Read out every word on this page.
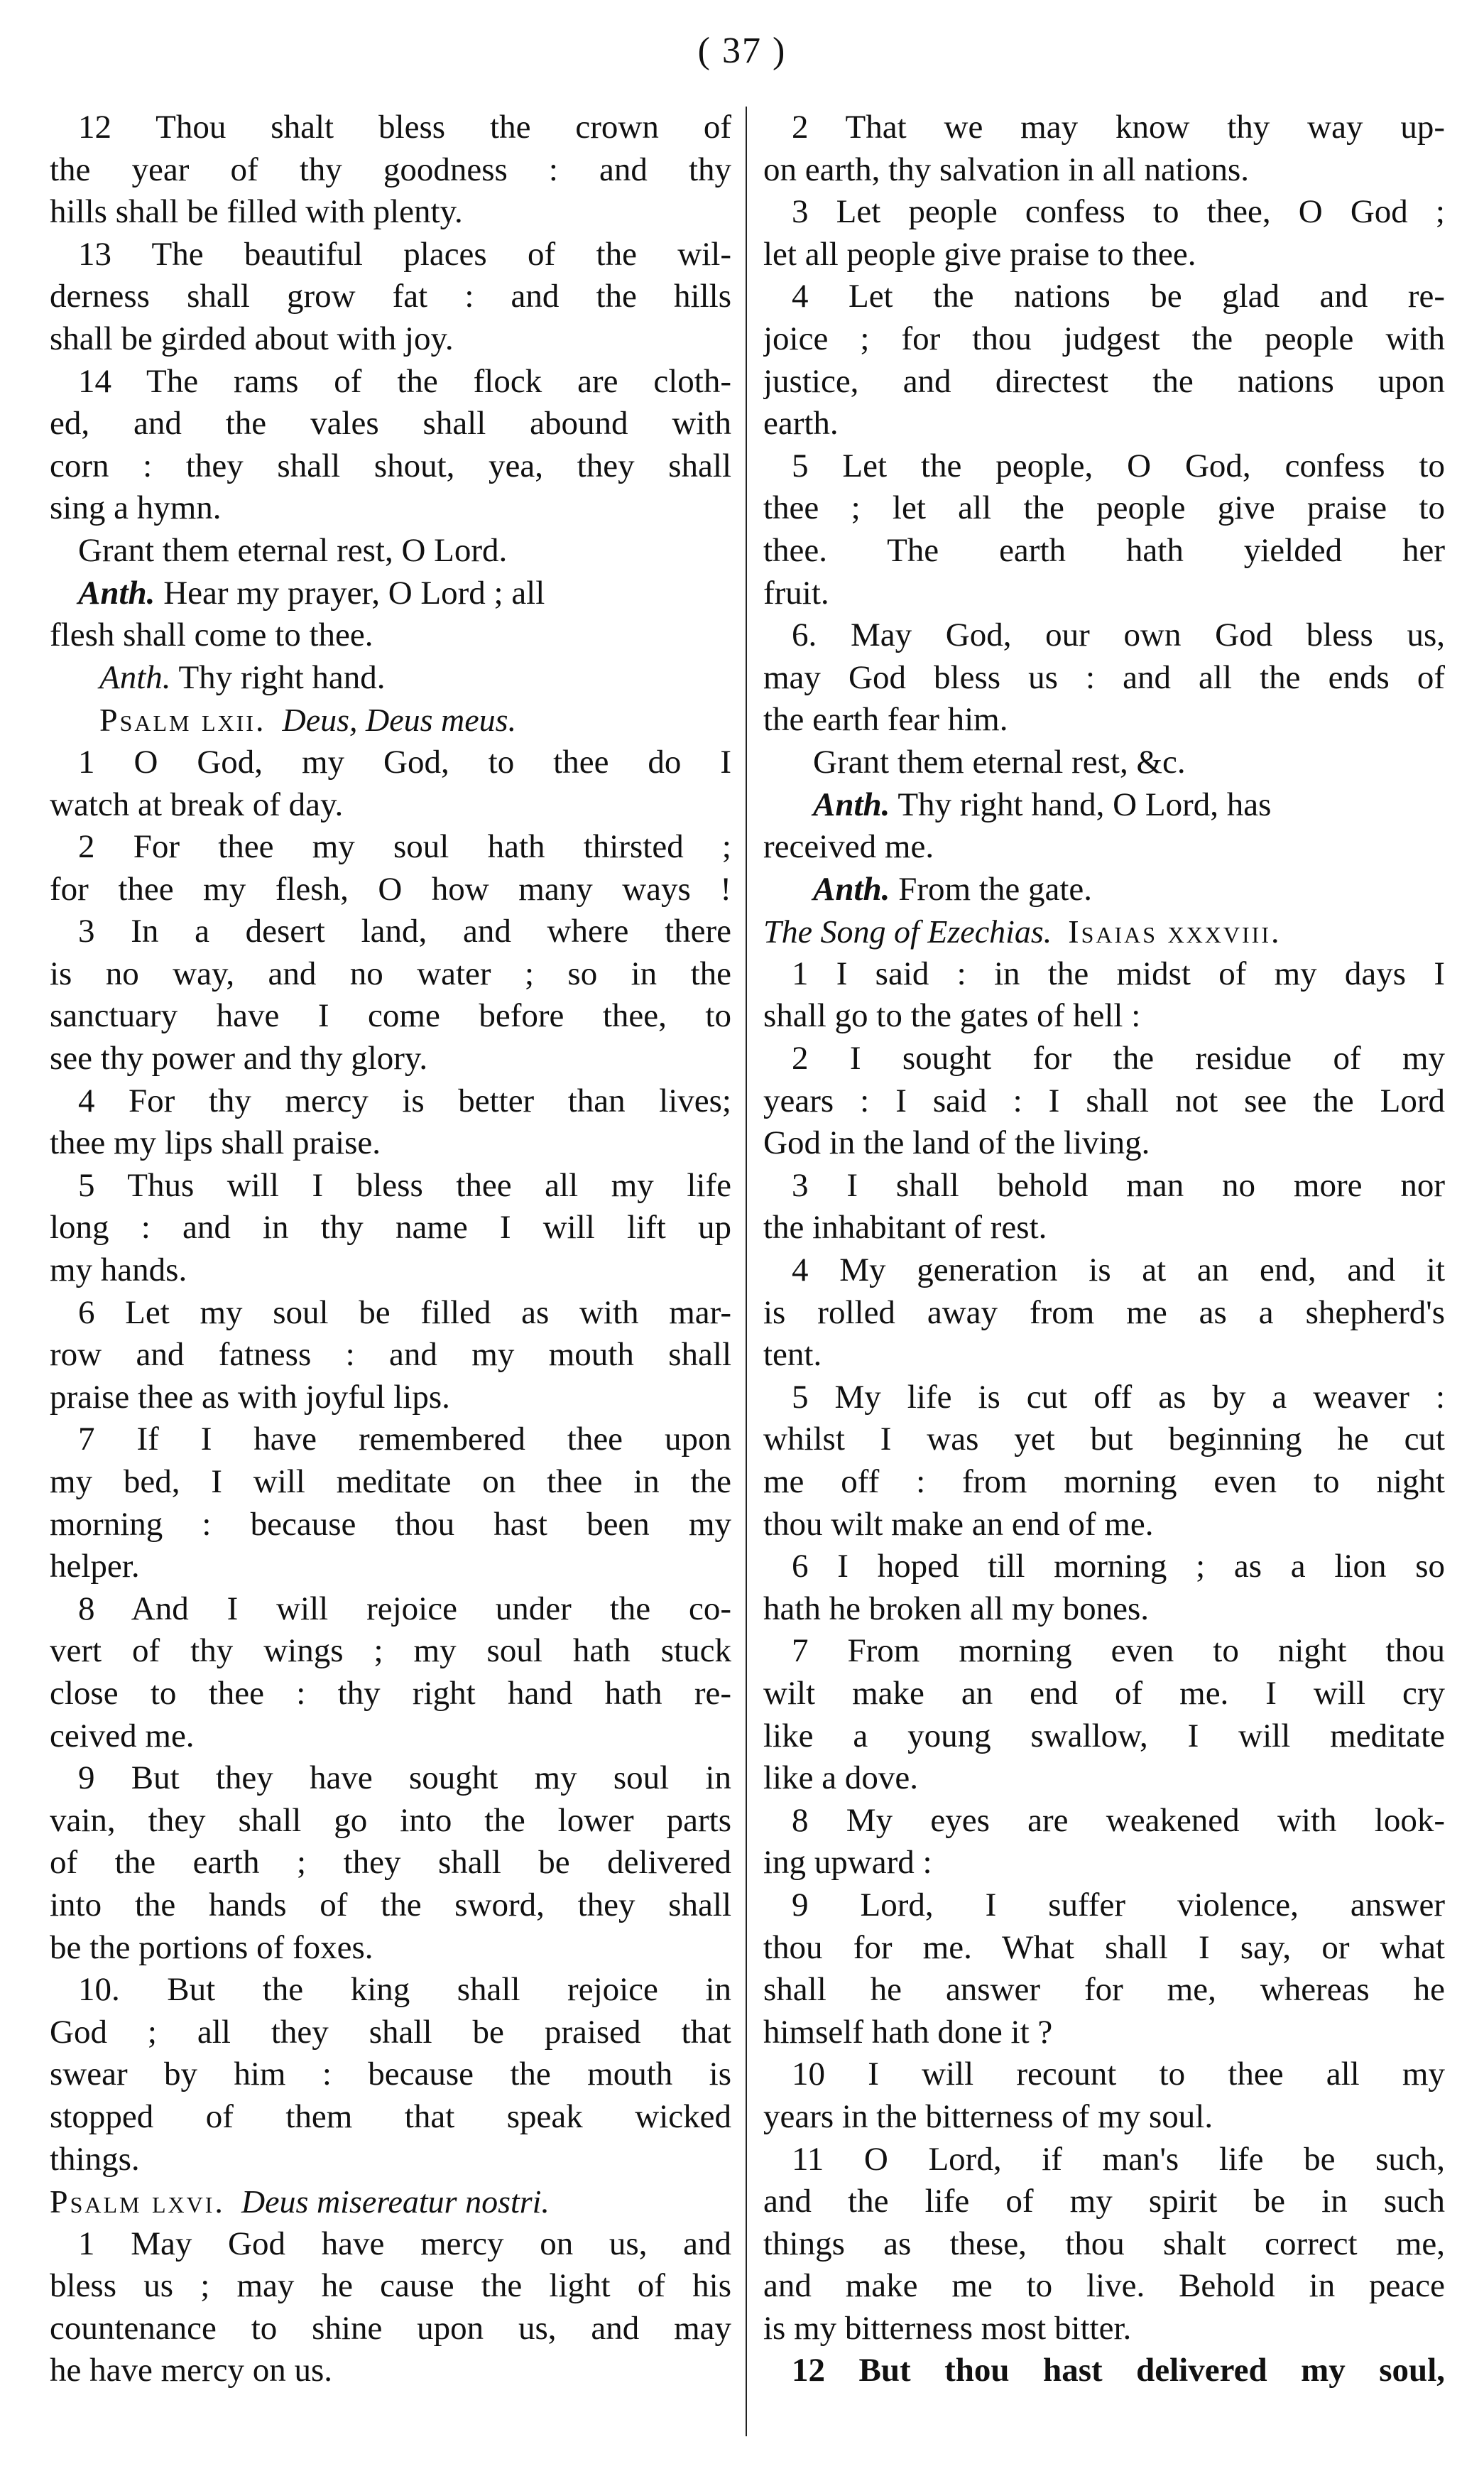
( 37 )
12 Thou shalt bless the crown of
the year of thy goodness : and thy
hills shall be filled with plenty.
13 The beautiful places of the wil-
derness shall grow fat : and the hills
shall be girded about with joy.
14 The rams of the flock are cloth-
ed, and the vales shall abound with
corn : they shall shout, yea, they shall
sing a hymn.
Grant them eternal rest, O Lord.
Anth. Hear my prayer, O Lord ; all
flesh shall come to thee.
Anth. Thy right hand.
Psalm lxii. Deus, Deus meus.
1 O God, my God, to thee do I
watch at break of day.
2 For thee my soul hath thirsted ;
for thee my flesh, O how many ways !
3 In a desert land, and where there
is no way, and no water ; so in the
sanctuary have I come before thee, to
see thy power and thy glory.
4 For thy mercy is better than lives;
thee my lips shall praise.
5 Thus will I bless thee all my life
long : and in thy name I will lift up
my hands.
6 Let my soul be filled as with mar-
row and fatness : and my mouth shall
praise thee as with joyful lips.
7 If I have remembered thee upon
my bed, I will meditate on thee in the
morning : because thou hast been my
helper.
8 And I will rejoice under the co-
vert of thy wings ; my soul hath stuck
close to thee : thy right hand hath re-
ceived me.
9 But they have sought my soul in
vain, they shall go into the lower parts
of the earth ; they shall be delivered
into the hands of the sword, they shall
be the portions of foxes.
10. But the king shall rejoice in
God ; all they shall be praised that
swear by him : because the mouth is
stopped of them that speak wicked
things.
Psalm lxvi. Deus misereatur nostri.
1 May God have mercy on us, and
bless us ; may he cause the light of his
countenance to shine upon us, and may
he have mercy on us.
2 That we may know thy way up-
on earth, thy salvation in all nations.
3 Let people confess to thee, O God ;
let all people give praise to thee.
4 Let the nations be glad and re-
joice ; for thou judgest the people with
justice, and directest the nations upon
earth.
5 Let the people, O God, confess to
thee ; let all the people give praise to
thee. The earth hath yielded her
fruit.
6. May God, our own God bless us,
may God bless us : and all the ends of
the earth fear him.
Grant them eternal rest, &c.
Anth. Thy right hand, O Lord, has
received me.
Anth. From the gate.
The Song of Ezechias. Isaias xxxviii.
1 I said : in the midst of my days I
shall go to the gates of hell :
2 I sought for the residue of my
years : I said : I shall not see the Lord
God in the land of the living.
3 I shall behold man no more nor
the inhabitant of rest.
4 My generation is at an end, and it
is rolled away from me as a shepherd's
tent.
5 My life is cut off as by a weaver :
whilst I was yet but beginning he cut
me off : from morning even to night
thou wilt make an end of me.
6 I hoped till morning ; as a lion so
hath he broken all my bones.
7 From morning even to night thou
wilt make an end of me. I will cry
like a young swallow, I will meditate
like a dove.
8 My eyes are weakened with look-
ing upward :
9 Lord, I suffer violence, answer
thou for me. What shall I say, or what
shall he answer for me, whereas he
himself hath done it ?
10 I will recount to thee all my
years in the bitterness of my soul.
11 O Lord, if man's life be such,
and the life of my spirit be in such
things as these, thou shalt correct me,
and make me to live. Behold in peace
is my bitterness most bitter.
12 But thou hast delivered my soul,
